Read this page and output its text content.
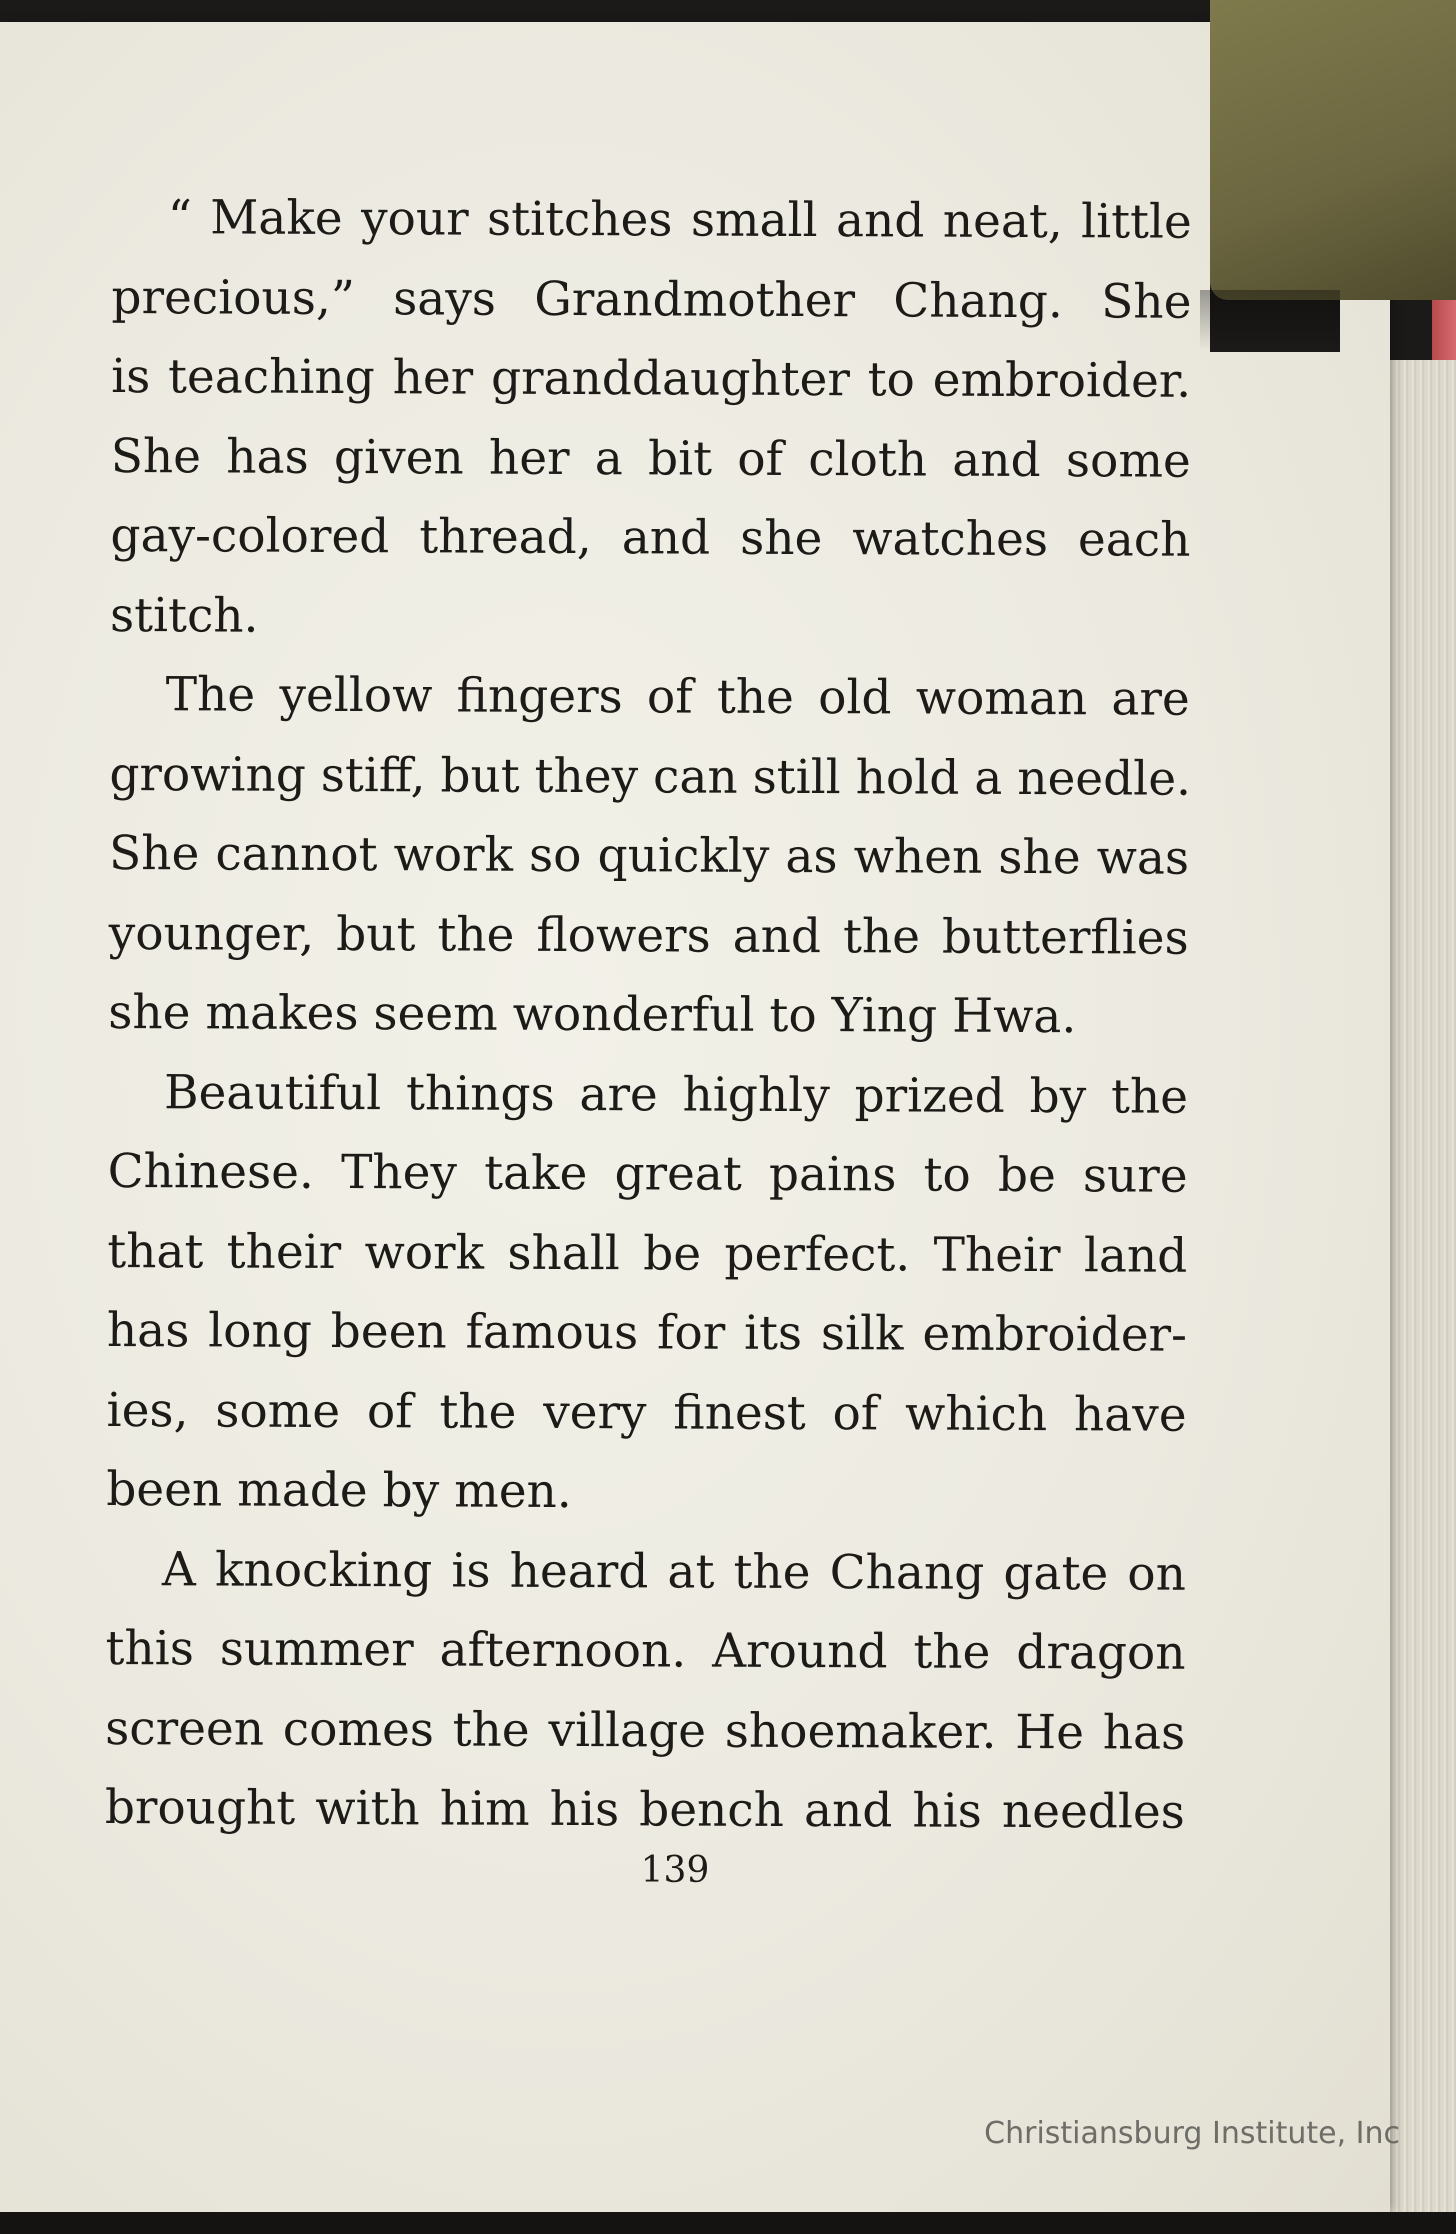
“ Make your stitches small and neat, little
precious,” says Grandmother Chang. She
is teaching her granddaughter to embroider.
She has given her a bit of cloth and some
gay-colored thread, and she watches each
stitch.
The yellow fingers of the old woman are
growing stiff, but they can still hold a needle.
She cannot work so quickly as when she was
younger, but the flowers and the butterflies
she makes seem wonderful to Ying Hwa.
Beautiful things are highly prized by the
Chinese. They take great pains to be sure
that their work shall be perfect. Their land
has long been famous for its silk embroider-
ies, some of the very finest of which have
been made by men.
A knocking is heard at the Chang gate on
this summer afternoon. Around the dragon
screen comes the village shoemaker. He has
brought with him his bench and his needles
139
Christiansburg Institute, Inc
